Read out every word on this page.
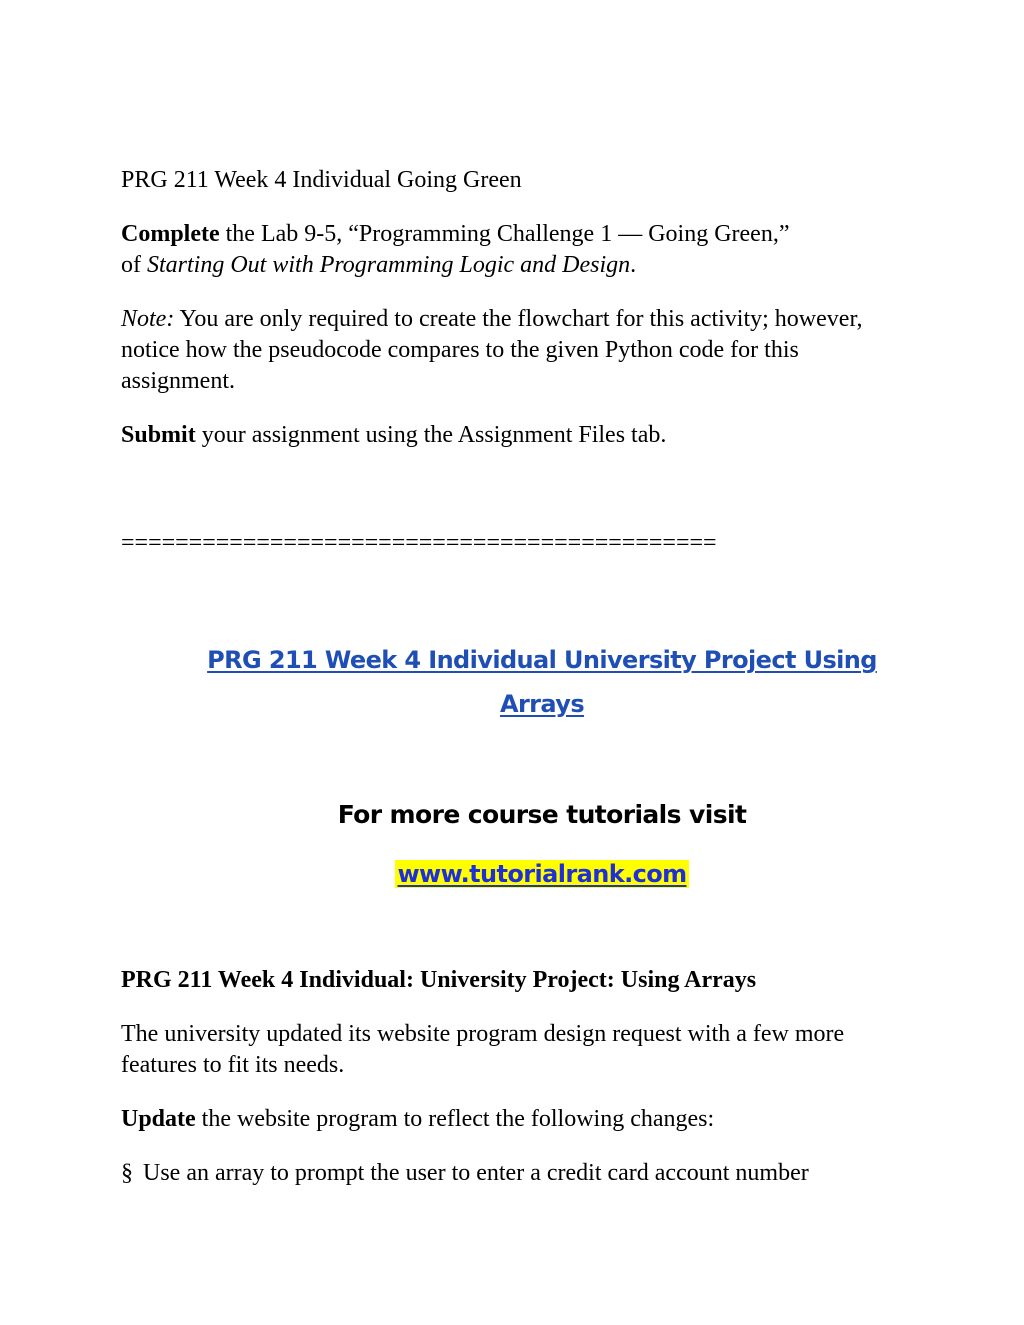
PRG 211 Week 4 Individual Going Green

Complete the Lab 9-5, “Programming Challenge 1 — Going Green,”
of Starting Out with Programming Logic and Design.

Note: You are only required to create the flowchart for this activity; however, notice how the pseudocode compares to the given Python code for this assignment.

Submit your assignment using the Assignment Files tab.

============================================

PRG 211 Week 4 Individual University Project Using
Arrays

For more course tutorials visit

www.tutorialrank.com

PRG 211 Week 4 Individual: University Project: Using Arrays

The university updated its website program design request with a few more features to fit its needs.

Update the website program to reflect the following changes:

§ Use an array to prompt the user to enter a credit card account number
